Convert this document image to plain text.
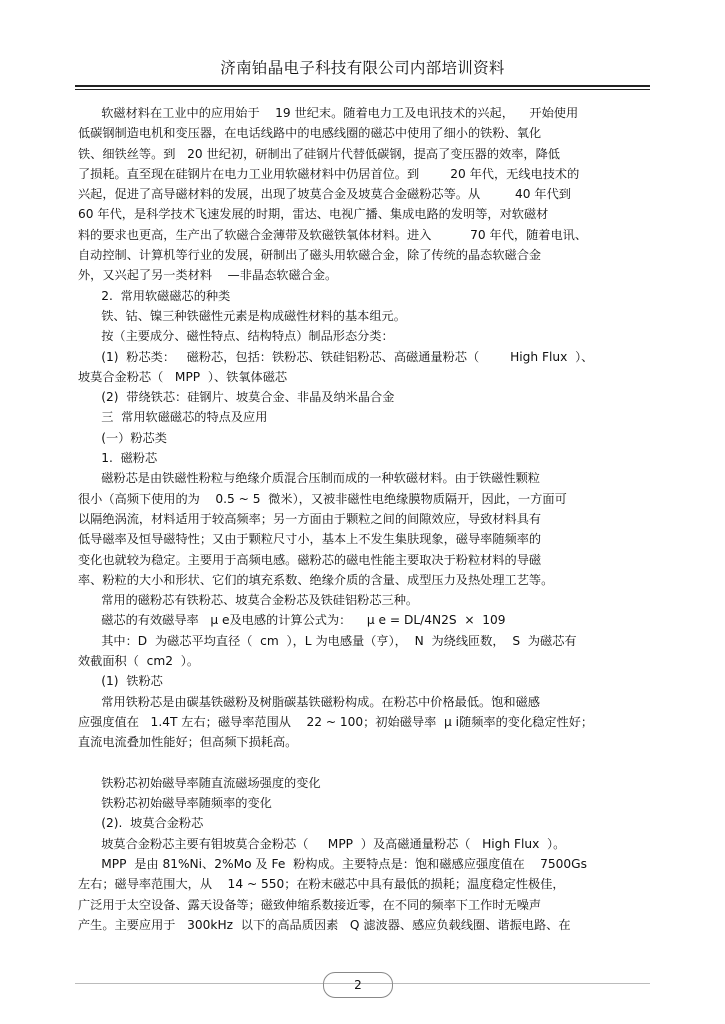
济南铂晶电子科技有限公司内部培训资料
软磁材料在工业中的应用始于    19 世纪末。随着电力工及电讯技术的兴起，    开始使用
低碳钢制造电机和变压器，在电话线路中的电感线圈的磁芯中使用了细小的铁粉、氧化
铁、细铁丝等。到   20 世纪初，研制出了硅钢片代替低碳钢，提高了变压器的效率，降低
了损耗。直至现在硅钢片在电力工业用软磁材料中仍居首位。到        20 年代，无线电技术的
兴起，促进了高导磁材料的发展，出现了坡莫合金及坡莫合金磁粉芯等。从         40 年代到
60 年代，是科学技术飞速发展的时期，雷达、电视广播、集成电路的发明等，对软磁材
料的要求也更高，生产出了软磁合金薄带及软磁铁氧体材料。进入          70 年代，随着电讯、
自动控制、计算机等行业的发展，研制出了磁头用软磁合金，除了传统的晶态软磁合金
外，又兴起了另一类材料    —非晶态软磁合金。
2.  常用软磁磁芯的种类
铁、钴、镍三种铁磁性元素是构成磁性材料的基本组元。
按（主要成分、磁性特点、结构特点）制品形态分类：
(1)  粉芯类：   磁粉芯，包括：铁粉芯、铁硅铝粉芯、高磁通量粉芯（        High Flux  ）、
坡莫合金粉芯（   MPP  ）、铁氧体磁芯
(2)  带绕铁芯：硅钢片、坡莫合金、非晶及纳米晶合金
三  常用软磁磁芯的特点及应用
(一）粉芯类
1.  磁粉芯
磁粉芯是由铁磁性粉粒与绝缘介质混合压制而成的一种软磁材料。由于铁磁性颗粒
很小（高频下使用的为    0.5 ~ 5  微米），又被非磁性电绝缘膜物质隔开，因此，一方面可
以隔绝涡流，材料适用于较高频率；另一方面由于颗粒之间的间隙效应，导致材料具有
低导磁率及恒导磁特性；又由于颗粒尺寸小，基本上不发生集肤现象，磁导率随频率的
变化也就较为稳定。主要用于高频电感。磁粉芯的磁电性能主要取决于粉粒材料的导磁
率、粉粒的大小和形状、它们的填充系数、绝缘介质的含量、成型压力及热处理工艺等。
常用的磁粉芯有铁粉芯、坡莫合金粉芯及铁硅铝粉芯三种。
磁芯的有效磁导率   μ e及电感的计算公式为：    μ e = DL/4N2S  ×  109
其中：D  为磁芯平均直径（  cm  ），L 为电感量（亨），  N  为绕线匝数，  S  为磁芯有
效截面积（  cm2  ）。
(1)  铁粉芯
常用铁粉芯是由碳基铁磁粉及树脂碳基铁磁粉构成。在粉芯中价格最低。饱和磁感
应强度值在   1.4T 左右；磁导率范围从    22 ~ 100；初始磁导率  μ i随频率的变化稳定性好；
直流电流叠加性能好；但高频下损耗高。
铁粉芯初始磁导率随直流磁场强度的变化
铁粉芯初始磁导率随频率的变化
(2).  坡莫合金粉芯
坡莫合金粉芯主要有钼坡莫合金粉芯（     MPP  ）及高磁通量粉芯（   High Flux  ）。
MPP  是由 81%Ni、2%Mo 及 Fe  粉构成。主要特点是：饱和磁感应强度值在    7500Gs
左右；磁导率范围大，从    14 ~ 550；在粉末磁芯中具有最低的损耗；温度稳定性极佳，
广泛用于太空设备、露天设备等；磁致伸缩系数接近零，在不同的频率下工作时无噪声
产生。主要应用于   300kHz  以下的高品质因素   Q 滤波器、感应负载线圈、谐振电路、在
2
